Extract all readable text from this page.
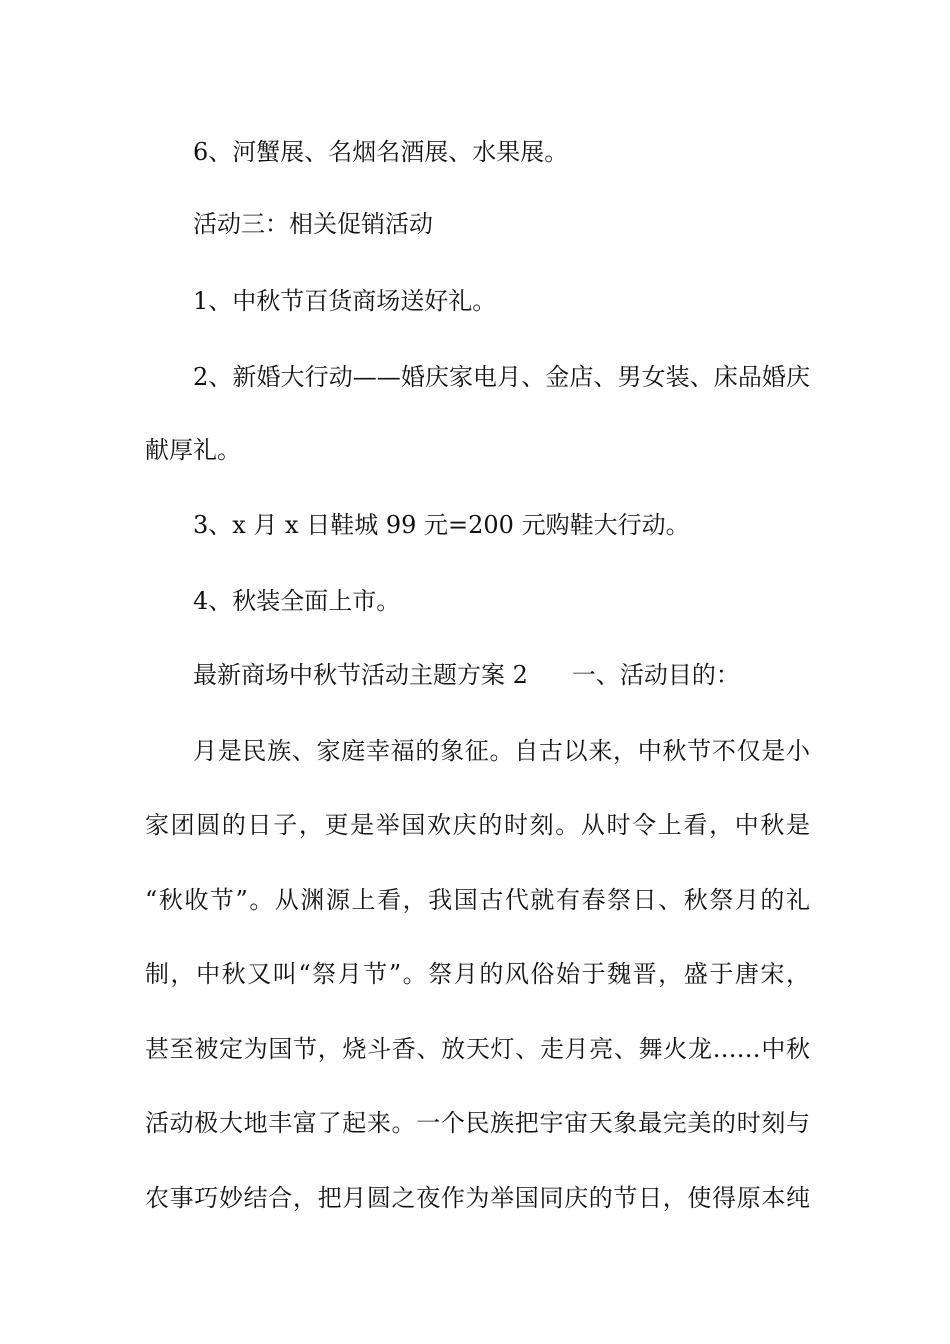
6、河蟹展、名烟名酒展、水果展。
活动三：相关促销活动
1、中秋节百货商场送好礼。
2、新婚大行动——婚庆家电月、金店、男女装、床品婚庆
献厚礼。
3、x 月 x 日鞋城 99 元=200 元购鞋大行动。
4、秋装全面上市。
最新商场中秋节活动主题方案 2 一、活动目的：
月是民族、家庭幸福的象征。自古以来，中秋节不仅是小
家团圆的日子，更是举国欢庆的时刻。从时令上看，中秋是
“秋收节”。从渊源上看，我国古代就有春祭日、秋祭月的礼
制，中秋又叫“祭月节”。祭月的风俗始于魏晋，盛于唐宋，
甚至被定为国节，烧斗香、放天灯、走月亮、舞火龙……中秋
活动极大地丰富了起来。一个民族把宇宙天象最完美的时刻与
农事巧妙结合，把月圆之夜作为举国同庆的节日，使得原本纯
